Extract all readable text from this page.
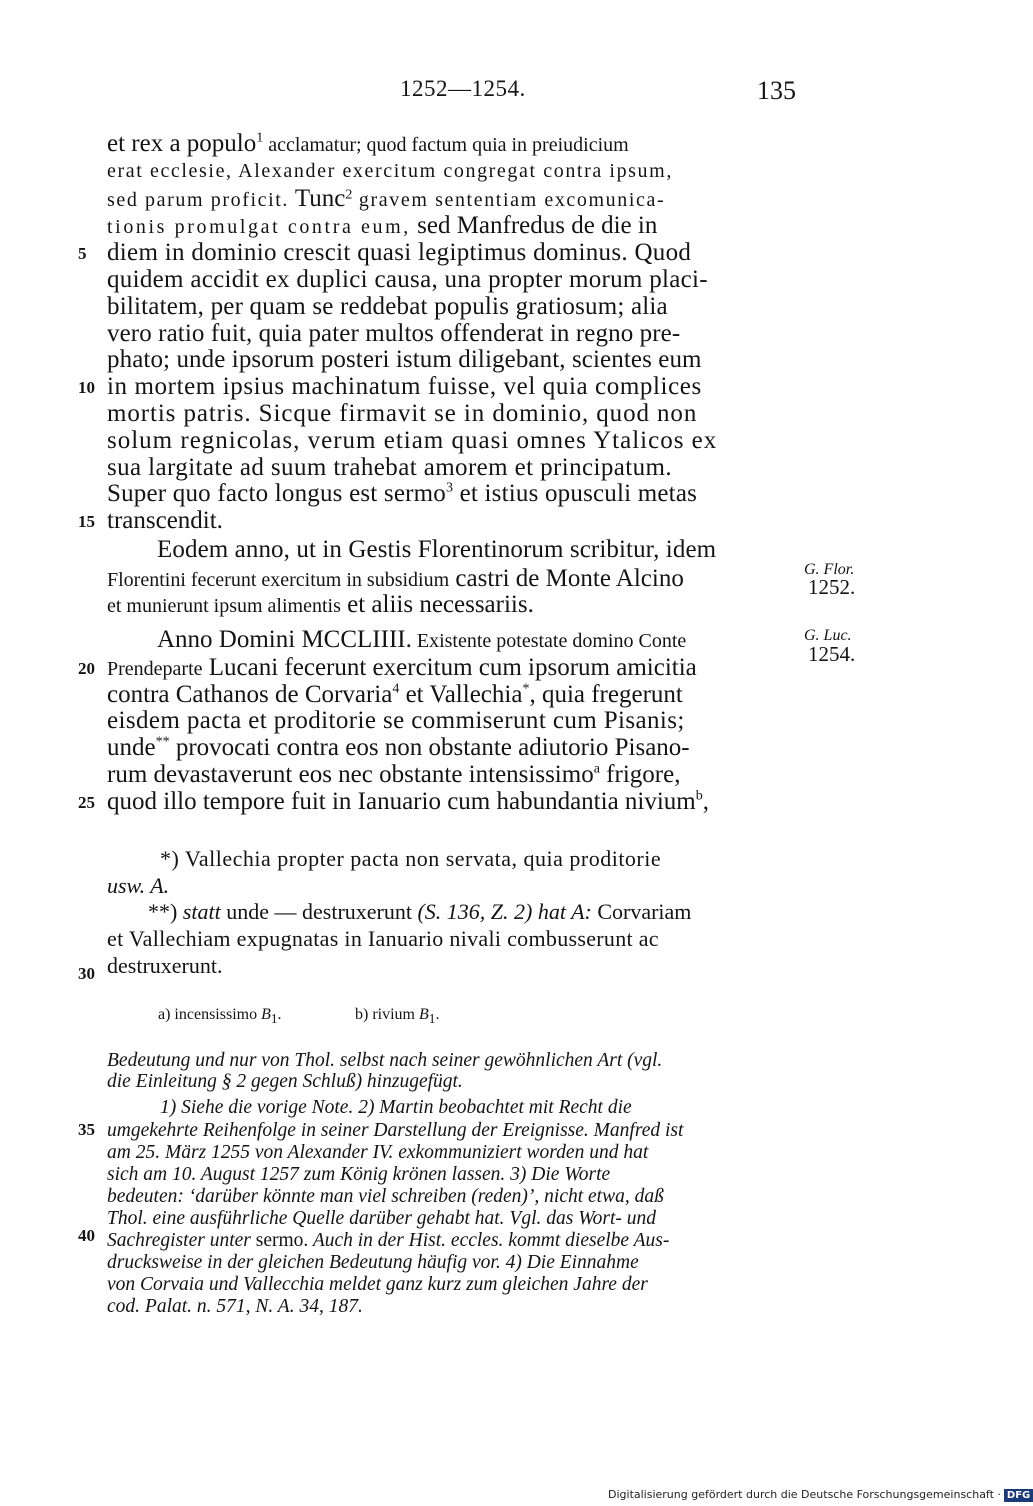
1252—1254.	135
et rex a populo$^1$ acclamatur; quod factum quia in preiudicium
erat ecclesie, Alexander exercitum congregat contra ipsum,
sed parum proficit. Tunc$^2$ gravem sententiam excomunica-
tionis promulgat contra eum, sed Manfredus de die in
diem in dominio crescit quasi legiptimus dominus. Quod
quidem accidit ex duplici causa, una propter morum placi-
bilitatem, per quam se reddebat populis gratiosum; alia
vero ratio fuit, quia pater multos offenderat in regno pre-
phato; unde ipsorum posteri istum diligebant, scientes eum
in mortem ipsius machinatum fuisse, vel quia complices
mortis patris. Sicque firmavit se in dominio, quod non
solum regnicolas, verum etiam quasi omnes Ytalicos ex
sua largitate ad suum trahebat amorem et principatum.
Super quo facto longus est sermo$^3$ et istius opusculi metas
transcendit.
Eodem anno, ut in Gestis Florentinorum scribitur, idem
Florentini fecerunt exercitum in subsidium castri de Monte Alcino
et munierunt ipsum alimentis et aliis necessariis.
Anno Domini MCCLIIII. Existente potestate domino Conte
Prendeparte Lucani fecerunt exercitum cum ipsorum amicitia
contra Cathanos de Corvaria$^4$ et Vallechia*, quia fregerunt
eisdem pacta et proditorie se commiserunt cum Pisanis;
unde** provocati contra eos non obstante adiutorio Pisano-
rum devastaverunt eos nec obstante intensissimo$^a$ frigore,
quod illo tempore fuit in Ianuario cum habundantia nivium$^b$,
5
10
15
20
25
30
35
40
G. Flor.
1252.
G. Luc.
1254.
*) Vallechia propter pacta non servata, quia proditorie
usw. A.
**) statt unde — destruxerunt (S. 136, Z. 2) hat A: Corvariam
et Vallechiam expugnatas in Ianuario nivali combusserunt ac
destruxerunt.
a) incensissimo $B_1$.	b) rivium $B_1$.
Bedeutung und nur von Thol. selbst nach seiner gewöhnlichen Art (vgl.
die Einleitung § 2 gegen Schluß) hinzugefügt.
1) Siehe die vorige Note. 2) Martin beobachtet mit Recht die
umgekehrte Reihenfolge in seiner Darstellung der Ereignisse. Manfred ist
am 25. März 1255 von Alexander IV. exkommuniziert worden und hat
sich am 10. August 1257 zum König krönen lassen. 3) Die Worte
bedeuten: ‘darüber könnte man viel schreiben (reden)’, nicht etwa, daß
Thol. eine ausführliche Quelle darüber gehabt hat. Vgl. das Wort- und
Sachregister unter sermo. Auch in der Hist. eccles. kommt dieselbe Aus-
drucksweise in der gleichen Bedeutung häufig vor. 4) Die Einnahme
von Corvaia und Vallecchia meldet ganz kurz zum gleichen Jahre der
cod. Palat. n. 571, N. A. 34, 187.
Digitalisierung gefördert durch die Deutsche Forschungsgemeinschaft · DFG
